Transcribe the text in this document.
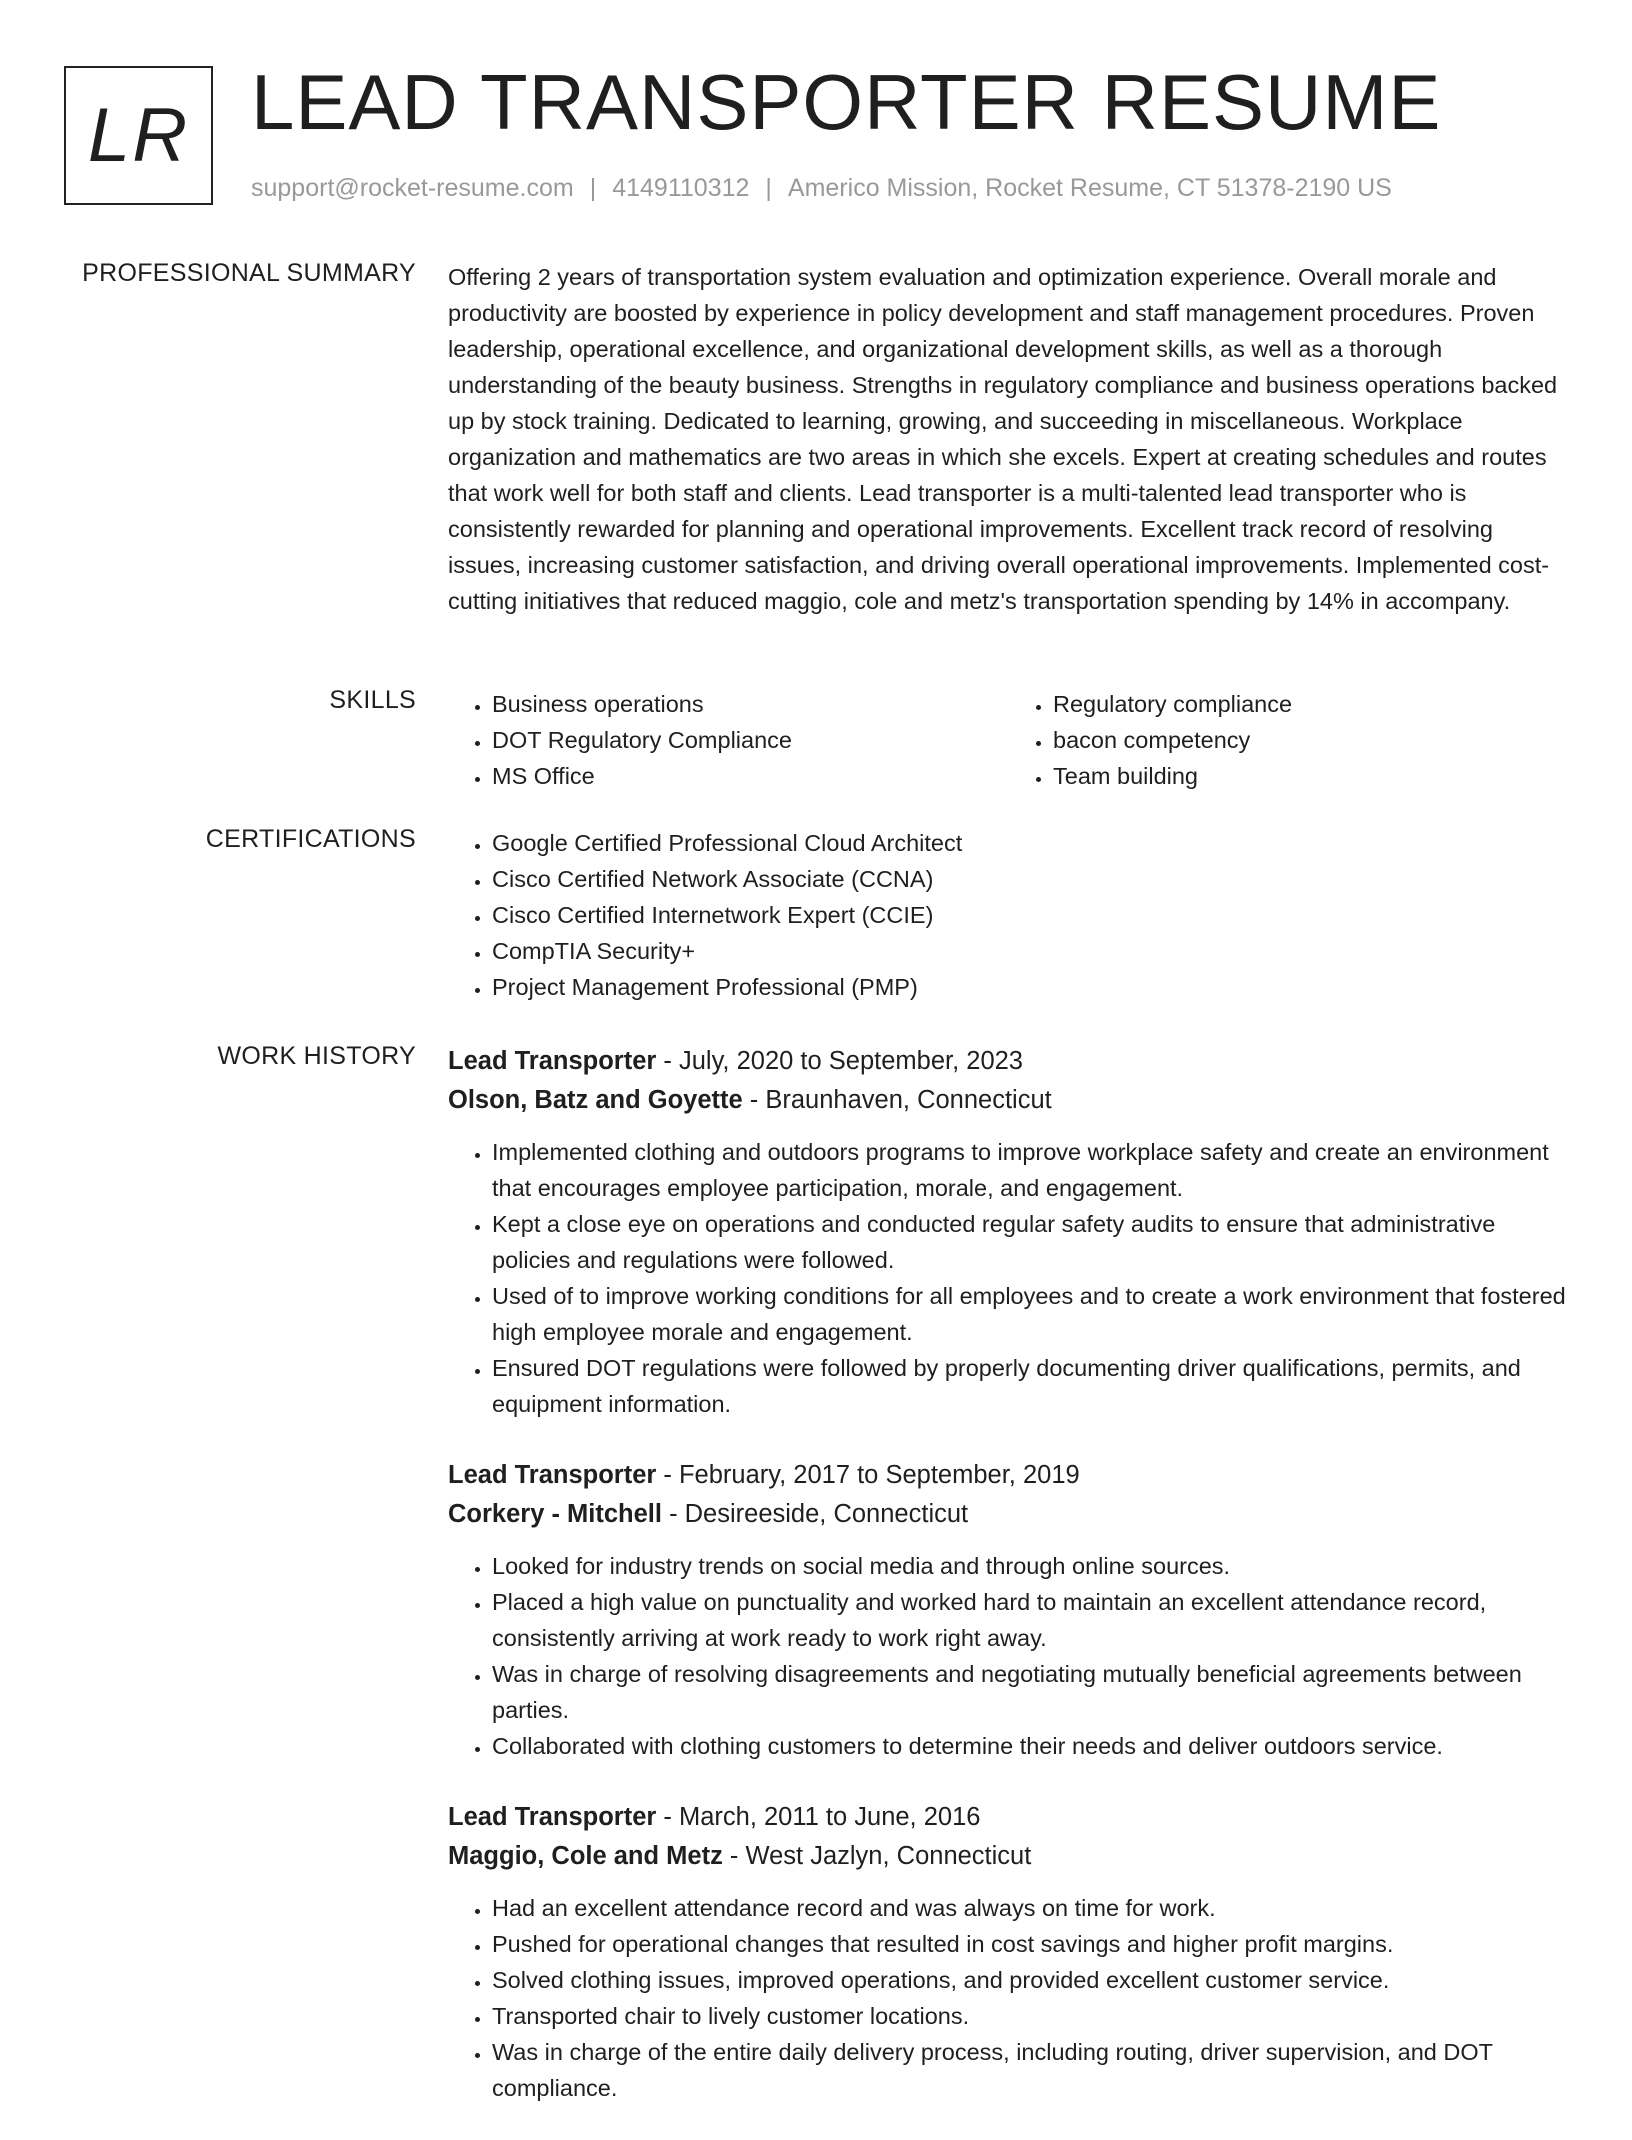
LR LEAD TRANSPORTER RESUME
support@rocket-resume.com | 4149110312 | Americo Mission, Rocket Resume, CT 51378-2190 US
PROFESSIONAL SUMMARY Offering 2 years of transportation system evaluation and optimization experience. Overall morale and productivity are boosted by experience in policy development and staff management procedures. Proven leadership, operational excellence, and organizational development skills, as well as a thorough understanding of the beauty business. Strengths in regulatory compliance and business operations backed up by stock training. Dedicated to learning, growing, and succeeding in miscellaneous. Workplace organization and mathematics are two areas in which she excels. Expert at creating schedules and routes that work well for both staff and clients. Lead transporter is a multi-talented lead transporter who is consistently rewarded for planning and operational improvements. Excellent track record of resolving issues, increasing customer satisfaction, and driving overall operational improvements. Implemented cost-cutting initiatives that reduced maggio, cole and metz's transportation spending by 14% in accompany.

SKILLS	• Business operations
• DOT Regulatory Compliance
• MS Office
• Regulatory compliance
• bacon competency
• Team building
CERTIFICATIONS	• Google Certified Professional Cloud Architect
• Cisco Certified Network Associate (CCNA)
• Cisco Certified Internetwork Expert (CCIE)
• CompTIA Security+
• Project Management Professional (PMP)
WORK HISTORY Lead Transporter - July, 2020 to September, 2023
Olson, Batz and Goyette - Braunhaven, Connecticut
• Implemented clothing and outdoors programs to improve workplace safety and create an environment that encourages employee participation, morale, and engagement.
• Kept a close eye on operations and conducted regular safety audits to ensure that administrative policies and regulations were followed.
• Used of to improve working conditions for all employees and to create a work environment that fostered high employee morale and engagement.
• Ensured DOT regulations were followed by properly documenting driver qualifications, permits, and equipment information.
Lead Transporter - February, 2017 to September, 2019
Corkery - Mitchell - Desireeside, Connecticut
• Looked for industry trends on social media and through online sources.
• Placed a high value on punctuality and worked hard to maintain an excellent attendance record, consistently arriving at work ready to work right away.
• Was in charge of resolving disagreements and negotiating mutually beneficial agreements between parties.
• Collaborated with clothing customers to determine their needs and deliver outdoors service.
Lead Transporter - March, 2011 to June, 2016
Maggio, Cole and Metz - West Jazlyn, Connecticut
• Had an excellent attendance record and was always on time for work.
• Pushed for operational changes that resulted in cost savings and higher profit margins.
• Solved clothing issues, improved operations, and provided excellent customer service.
• Transported chair to lively customer locations.
• Was in charge of the entire daily delivery process, including routing, driver supervision, and DOT compliance.
